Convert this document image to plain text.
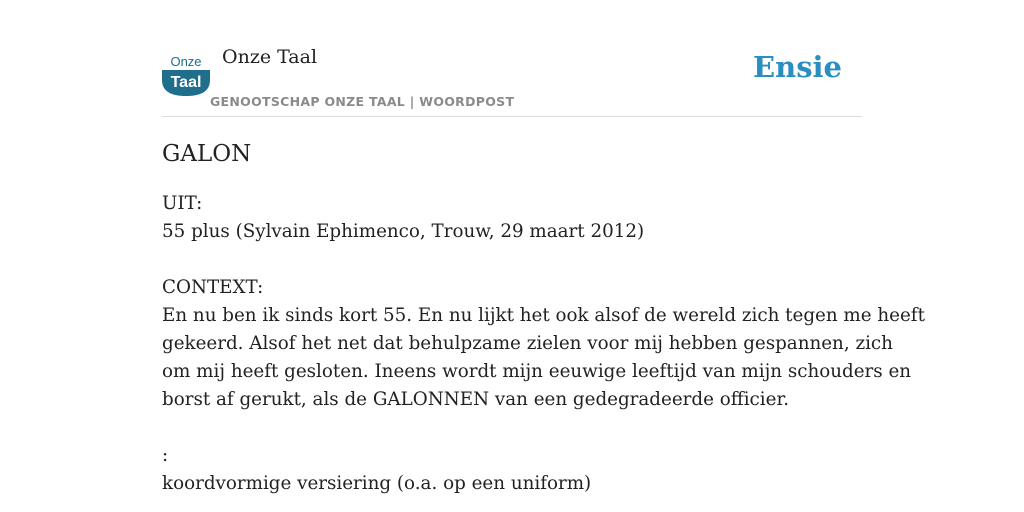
Onze
Taal
Onze Taal
GENOOTSCHAP ONZE TAAL | WOORDPOST
Ensie
GALON
UIT:
55 plus (Sylvain Ephimenco, Trouw, 29 maart 2012)
CONTEXT:
En nu ben ik sinds kort 55. En nu lijkt het ook alsof de wereld zich tegen me heeft
gekeerd. Alsof het net dat behulpzame zielen voor mij hebben gespannen, zich
om mij heeft gesloten. Ineens wordt mijn eeuwige leeftijd van mijn schouders en
borst af gerukt, als de GALONNEN van een gedegradeerde officier.
:
koordvormige versiering (o.a. op een uniform)
